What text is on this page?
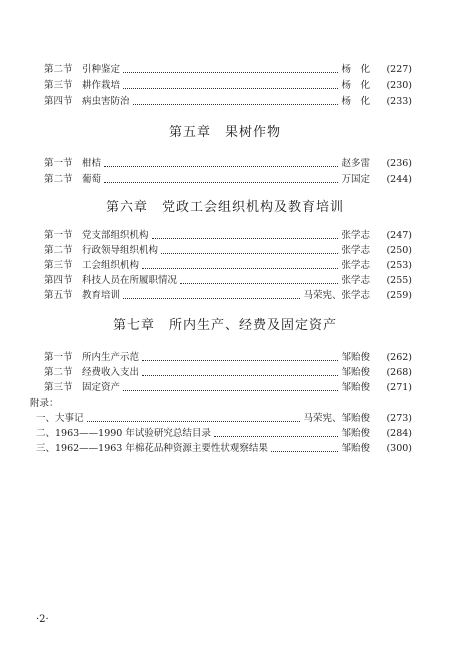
第二节 引种鉴定	杨　化	(227)
第三节 耕作栽培	杨　化	(230)
第四节 病虫害防治	杨　化	(233)
第五章　果树作物
第一节 柑桔	赵多雷	(236)
第二节 葡萄	万国定	(244)
第六章　党政工会组织机构及教育培训
第一节 党支部组织机构	张学志	(247)
第二节 行政领导组织机构	张学志	(250)
第三节 工会组织机构	张学志	(253)
第四节 科技人员在所履职情况	张学志	(255)
第五节 教育培训	马荣宪、张学志	(259)
第七章　所内生产、经费及固定资产
第一节 所内生产示范	邹贻俊	(262)
第二节 经费收入支出	邹贻俊	(268)
第三节 固定资产	邹贻俊	(271)
附录：
一、大事记	马荣宪、邹贻俊	(273)
二、1963——1990 年试验研究总结目录	邹贻俊	(284)
三、1962——1963 年棉花品种资源主要性状观察结果	邹贻俊	(300)
·2·
